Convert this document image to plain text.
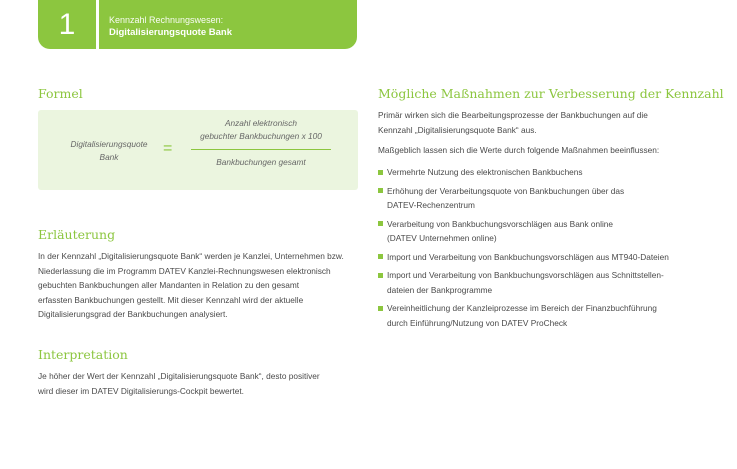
1	Kennzahl Rechnungswesen:
Digitalisierungsquote Bank
Formel
Digitalisierungsquote
Bank	=
Anzahl elektronisch
gebuchter Bankbuchungen x 100
Bankbuchungen gesamt
Erläuterung
In der Kennzahl „Digitalisierungsquote Bank“ werden je Kanzlei, Unternehmen bzw.
Niederlassung die im Programm DATEV Kanzlei-Rechnungswesen elektronisch
gebuchten Bankbuchungen aller Mandanten in Relation zu den gesamt
erfassten Bankbuchungen gestellt. Mit dieser Kennzahl wird der aktuelle
Digitalisierungsgrad der Bankbuchungen analysiert.
Interpretation
Je höher der Wert der Kennzahl „Digitalisierungsquote Bank“, desto positiver
wird dieser im DATEV Digitalisierungs-Cockpit bewertet.
Mögliche Maßnahmen zur Verbesserung der Kennzahl
Primär wirken sich die Bearbeitungsprozesse der Bankbuchungen auf die
Kennzahl „Digitalisierungsquote Bank“ aus.
Maßgeblich lassen sich die Werte durch folgende Maßnahmen beeinflussen:
Vermehrte Nutzung des elektronischen Bankbuchens
Erhöhung der Verarbeitungsquote von Bankbuchungen über das
DATEV-Rechenzentrum
Verarbeitung von Bankbuchungsvorschlägen aus Bank online
(DATEV Unternehmen online)
Import und Verarbeitung von Bankbuchungsvorschlägen aus MT940-Dateien
Import und Verarbeitung von Bankbuchungsvorschlägen aus Schnittstellen-
dateien der Bankprogramme
Vereinheitlichung der Kanzleiprozesse im Bereich der Finanzbuchführung
durch Einführung/Nutzung von DATEV ProCheck
